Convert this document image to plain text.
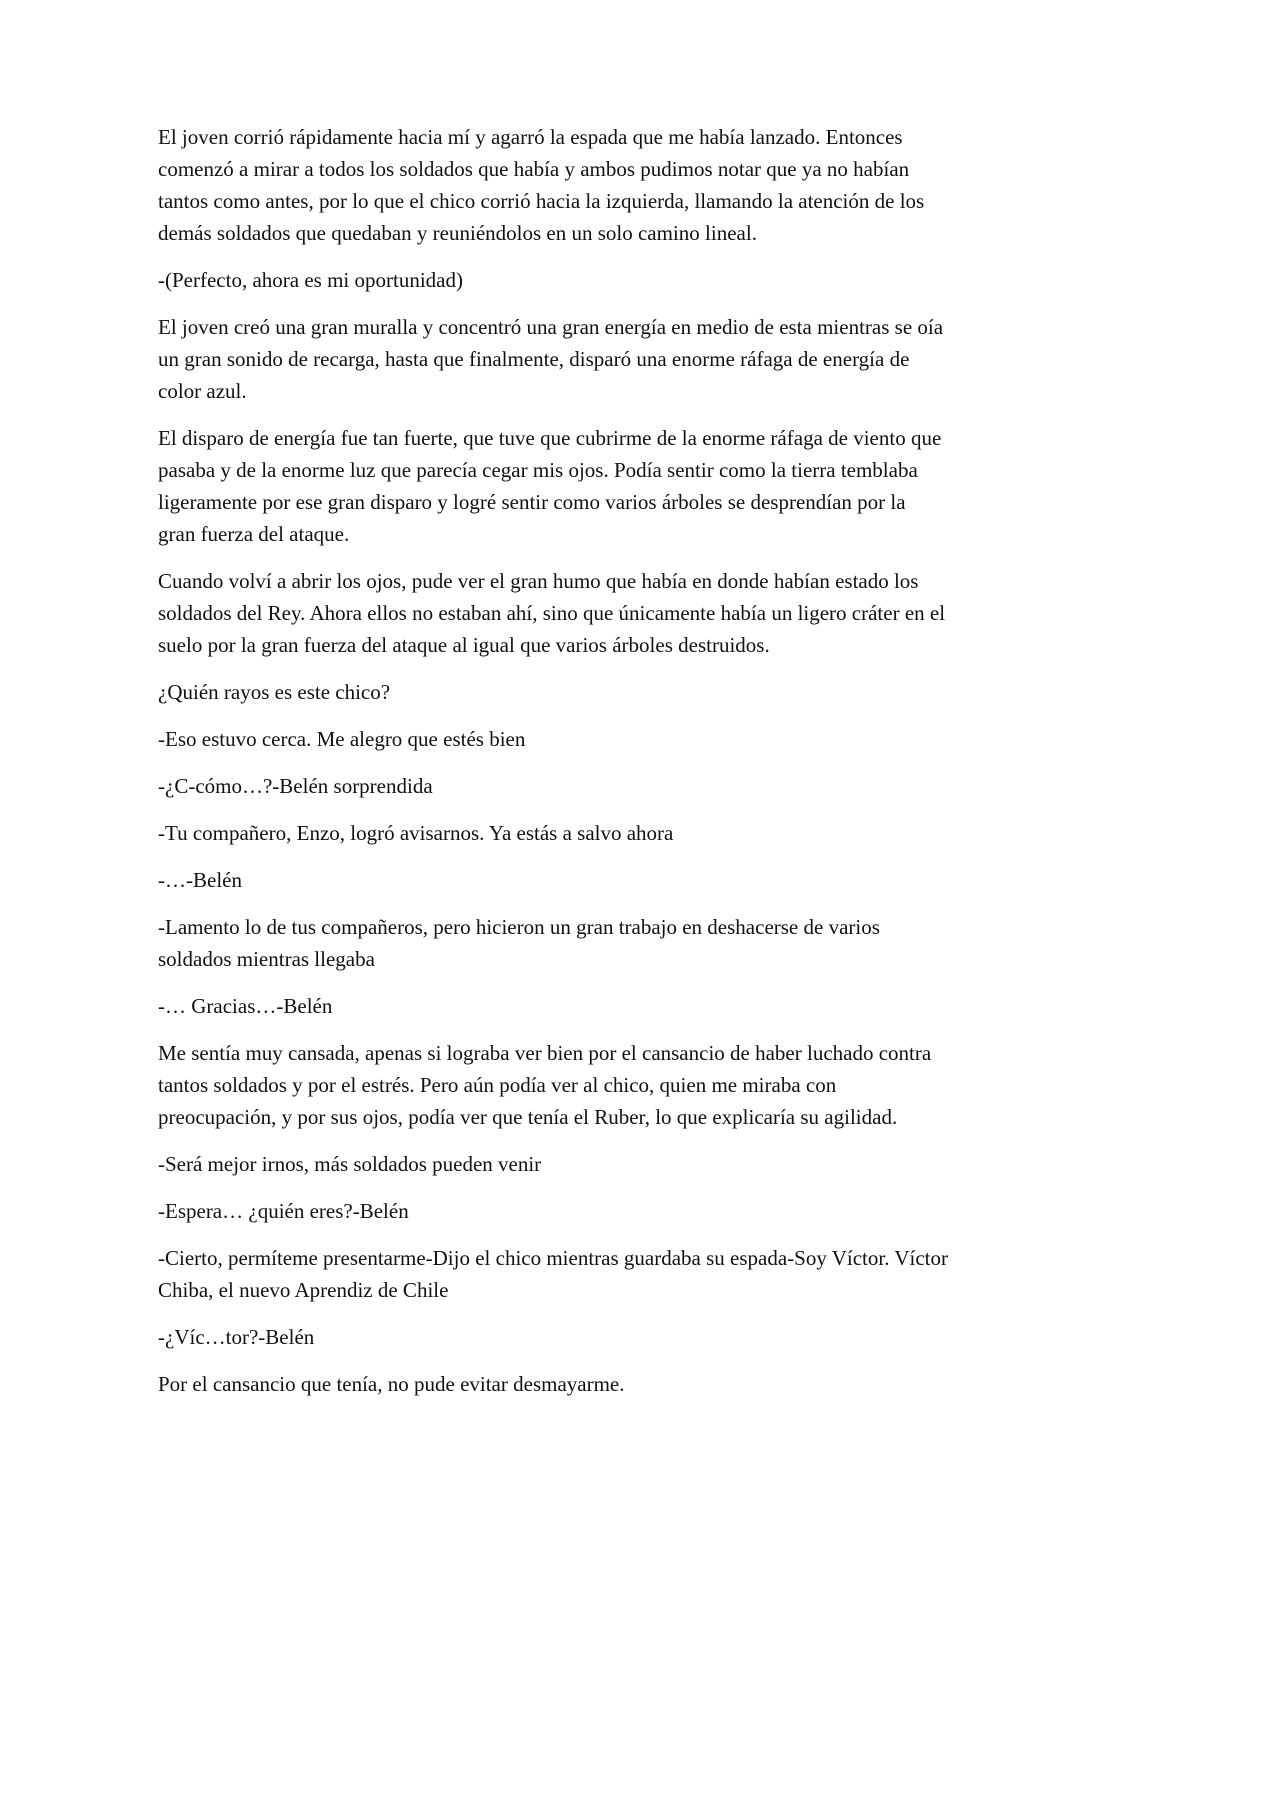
El joven corrió rápidamente hacia mí y agarró la espada que me había lanzado. Entonces comenzó a mirar a todos los soldados que había y ambos pudimos notar que ya no habían tantos como antes, por lo que el chico corrió hacia la izquierda, llamando la atención de los demás soldados que quedaban y reuniéndolos en un solo camino lineal.

-(Perfecto, ahora es mi oportunidad)

El joven creó una gran muralla y concentró una gran energía en medio de esta mientras se oía un gran sonido de recarga, hasta que finalmente, disparó una enorme ráfaga de energía de color azul.

El disparo de energía fue tan fuerte, que tuve que cubrirme de la enorme ráfaga de viento que pasaba y de la enorme luz que parecía cegar mis ojos. Podía sentir como la tierra temblaba ligeramente por ese gran disparo y logré sentir como varios árboles se desprendían por la gran fuerza del ataque.

Cuando volví a abrir los ojos, pude ver el gran humo que había en donde habían estado los soldados del Rey. Ahora ellos no estaban ahí, sino que únicamente había un ligero cráter en el suelo por la gran fuerza del ataque al igual que varios árboles destruidos.

¿Quién rayos es este chico?

-Eso estuvo cerca. Me alegro que estés bien

-¿C-cómo…?-Belén sorprendida

-Tu compañero, Enzo, logró avisarnos. Ya estás a salvo ahora

-…-Belén

-Lamento lo de tus compañeros, pero hicieron un gran trabajo en deshacerse de varios soldados mientras llegaba

-… Gracias…-Belén

Me sentía muy cansada, apenas si lograba ver bien por el cansancio de haber luchado contra tantos soldados y por el estrés. Pero aún podía ver al chico, quien me miraba con preocupación, y por sus ojos, podía ver que tenía el Ruber, lo que explicaría su agilidad.

-Será mejor irnos, más soldados pueden venir

-Espera… ¿quién eres?-Belén

-Cierto, permíteme presentarme-Dijo el chico mientras guardaba su espada-Soy Víctor. Víctor Chiba, el nuevo Aprendiz de Chile

-¿Víc…tor?-Belén

Por el cansancio que tenía, no pude evitar desmayarme.
